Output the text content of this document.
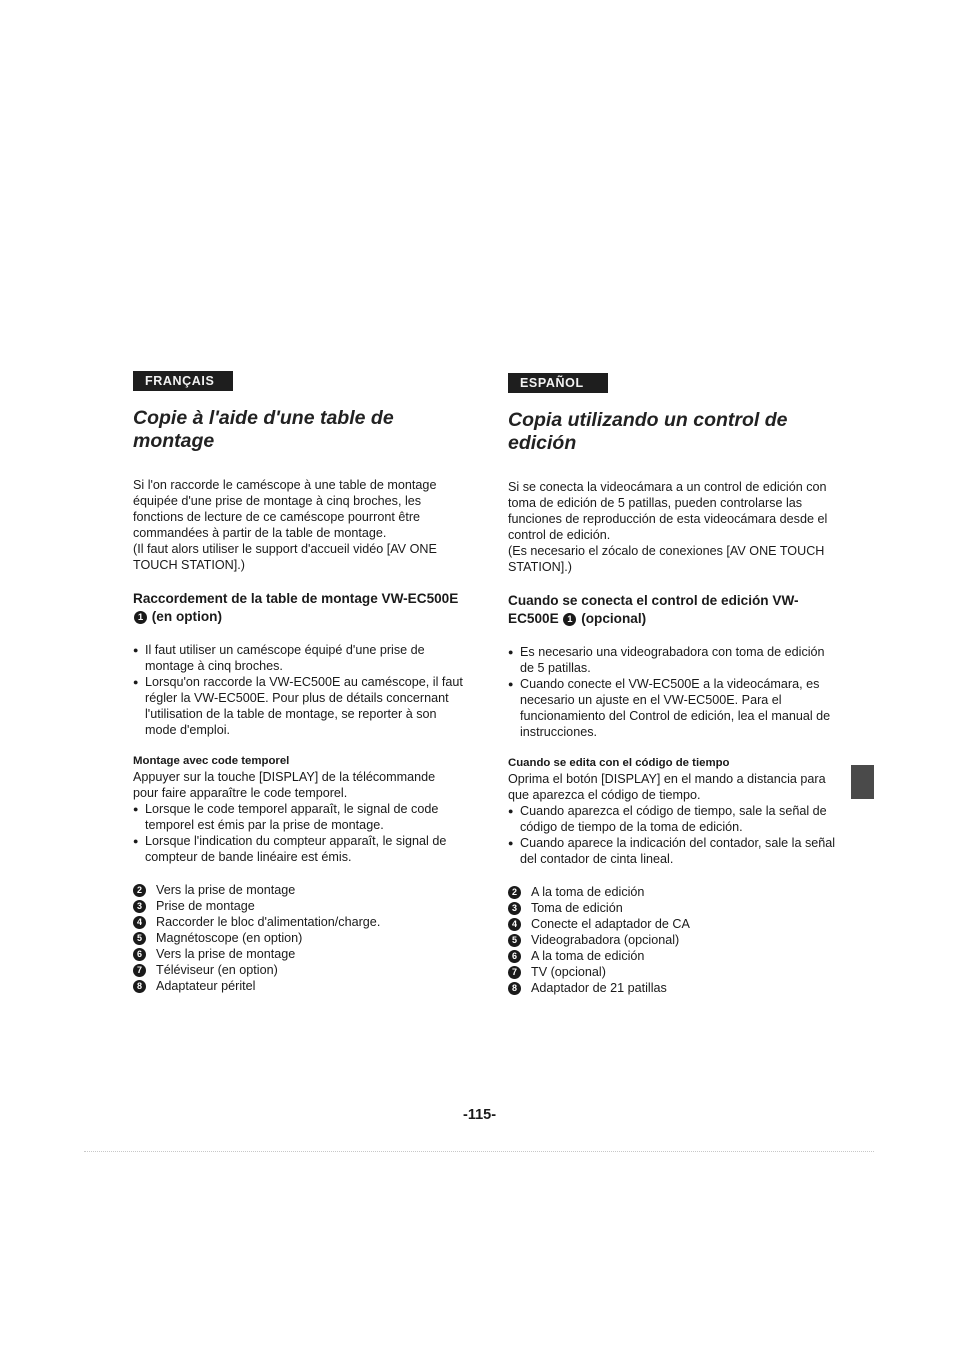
FRANÇAIS
Copie à l'aide d'une table de montage

Si l'on raccorde le caméscope à une table de montage équipée d'une prise de montage à cinq broches, les fonctions de lecture de ce caméscope pourront être commandées à partir de la table de montage.

(Il faut alors utiliser le support d'accueil vidéo [AV ONE TOUCH STATION].)

Raccordement de la table de montage VW-EC500E 1 (en option)
● Il faut utiliser un caméscope équipé d'une prise de montage à cinq broches.
● Lorsqu'on raccorde la VW-EC500E au caméscope, il faut régler la VW-EC500E. Pour plus de détails concernant l'utilisation de la table de montage, se reporter à son mode d'emploi.
Montage avec code temporel

Appuyer sur la touche [DISPLAY] de la télécommande pour faire apparaître le code temporel.

● Lorsque le code temporel apparaît, le signal de code temporel est émis par la prise de montage.
● Lorsque l'indication du compteur apparaît, le signal de compteur de bande linéaire est émis.
2	Vers la prise de montage
3	Prise de montage
4	Raccorder le bloc d'alimentation/charge.
5	Magnétoscope (en option)
6	Vers la prise de montage
7	Téléviseur (en option)
8	Adaptateur péritel
ESPAÑOL
Copia utilizando un control de edición

Si se conecta la videocámara a un control de edición con toma de edición de 5 patillas, pueden controlarse las funciones de reproducción de esta videocámara desde el control de edición.

(Es necesario el zócalo de conexiones [AV ONE TOUCH STATION].)

Cuando se conecta el control de edición VW-EC500E 1 (opcional)
● Es necesario una videograbadora con toma de edición de 5 patillas.
● Cuando conecte el VW-EC500E a la videocámara, es necesario un ajuste en el VW-EC500E. Para el funcionamiento del Control de edición, lea el manual de instrucciones.
Cuando se edita con el código de tiempo

Oprima el botón [DISPLAY] en el mando a distancia para que aparezca el código de tiempo.

● Cuando aparezca el código de tiempo, sale la señal de código de tiempo de la toma de edición.
● Cuando aparece la indicación del contador, sale la señal del contador de cinta lineal.
2	A la toma de edición
3	Toma de edición
4	Conecte el adaptador de CA
5	Videograbadora (opcional)
6	A la toma de edición
7	TV (opcional)
8	Adaptador de 21 patillas
-115-
